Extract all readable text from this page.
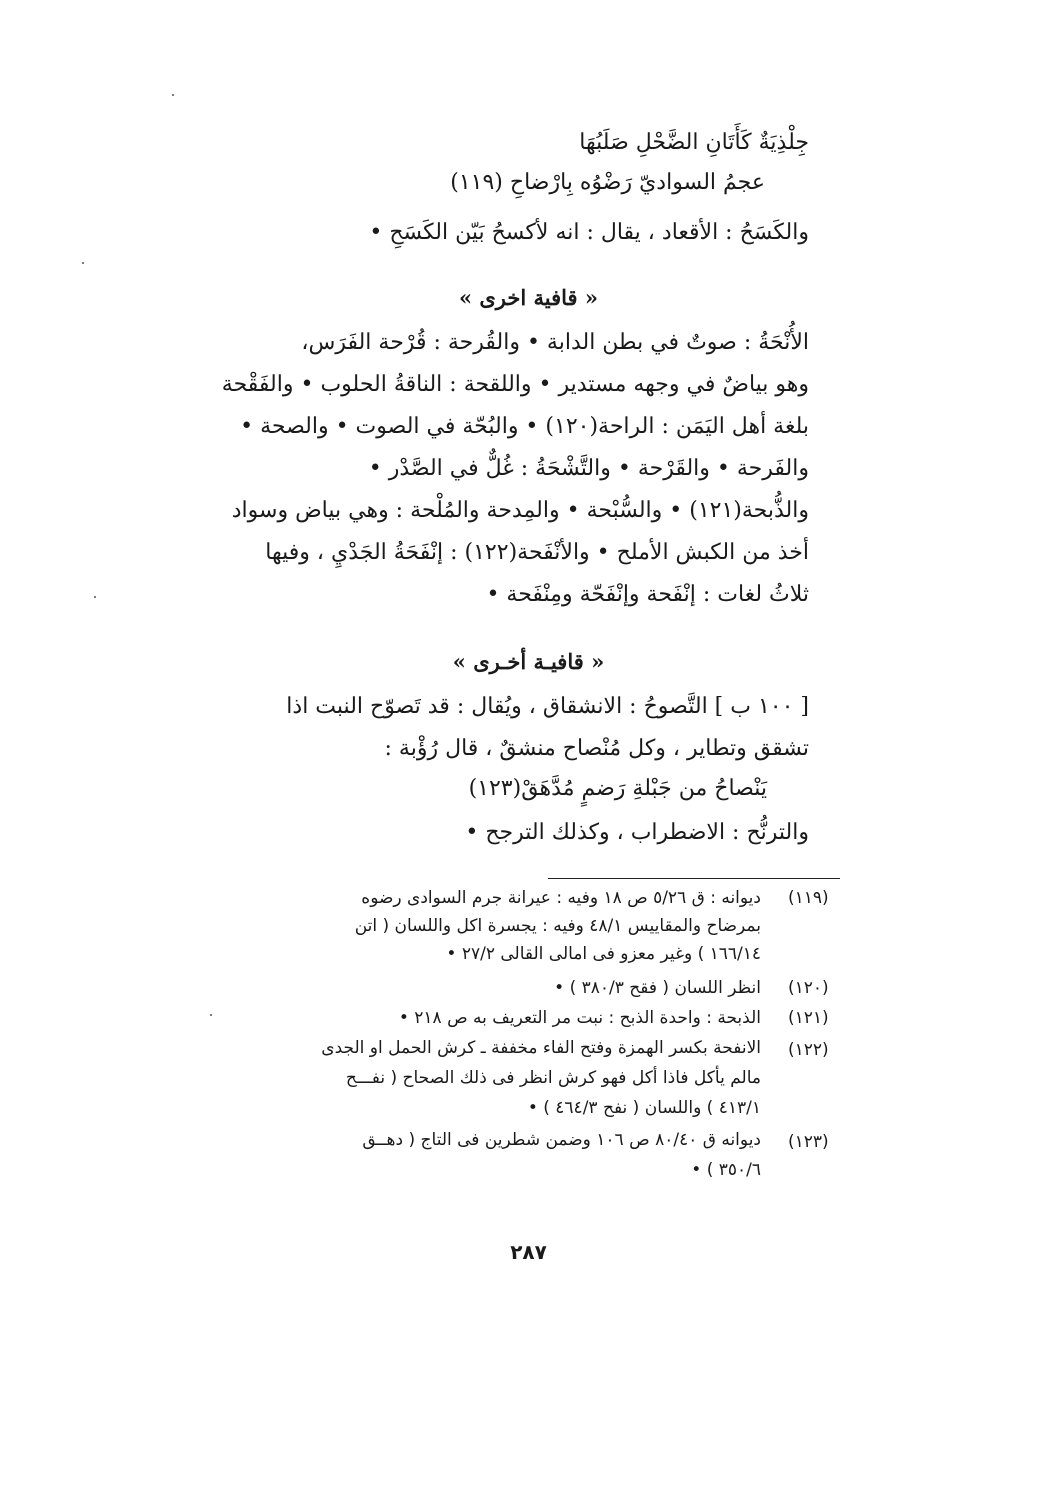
جِلْذِيَةٌ كَأَتَانِ الضَّحْلِ صَلَبُهَا
عجمُ السواديّ رَضْوُه بِارْضاحِ (١١٩)
والكَسَحُ : الأقعاد ، يقال : انه لأكسحُ بَيّن الكَسَحِ •
« قافية اخرى »
الأُنْحَةُ : صوتٌ في بطن الدابة • والقُرحة : قُرْحة الفَرَس،
وهو بياضٌ في وجهه مستدير • واللقحة : الناقةُ الحلوب • والفَقْحة
بلغة أهل اليَمَن : الراحة(١٢٠) • والبُحّة في الصوت • والصحة •
والفَرحة • والقَرْحة • والتَّشْحَةُ : غُلٌّ في الصَّدْر •
والذُّبحة(١٢١) • والسُّبْحة • والمِدحة والمُلْحة : وهي بياض وسواد
أخذ من الكبش الأملح • والأنْفَحة(١٢٢) : إنْفَحَةُ الجَدْيِ ، وفيها
ثلاثُ لغات : إنْفَحة وإنْفَحّة ومِنْفَحة •
« قافيـة أخـرى »
[ ١٠٠ ب ] التَّصوحُ : الانشقاق ، ويُقال : قد تَصوّح النبت اذا
تشقق وتطاير ، وكل مُنْصاح منشقٌ ، قال رُؤْبة :
يَنْصاحُ من جَبْلةِ رَضمٍ مُدَّهَقْ(١٢٣)
والترنُّح : الاضطراب ، وكذلك الترجح •
(١١٩)
ديوانه : ق ٥/٢٦ ص ١٨ وفيه : عيرانة جرم السوادى رضوه
بمرضاح والمقاييس ٤٨/١ وفيه : يجسرة اكل واللسان ( اتن
١٦٦/١٤ ) وغير معزو فى امالى القالى ٢٧/٢ •
(١٢٠)
انظر اللسان ( فقح ٣٨٠/٣ ) •
(١٢١)
الذبحة : واحدة الذبح : نبت مر التعريف به ص ٢١٨ •
(١٢٢)
الانفحة بكسر الهمزة وفتح الفاء مخففة ـ كرش الحمل او الجدى
مالم يأكل فاذا أكل فهو كرش انظر فى ذلك الصحاح ( نفـــح
٤١٣/١ ) واللسان ( نفح ٤٦٤/٣ ) •
(١٢٣)
ديوانه ق ٨٠/٤٠ ص ١٠٦ وضمن شطرين فى التاج ( دهــق
٣٥٠/٦ ) •
٢٨٧
